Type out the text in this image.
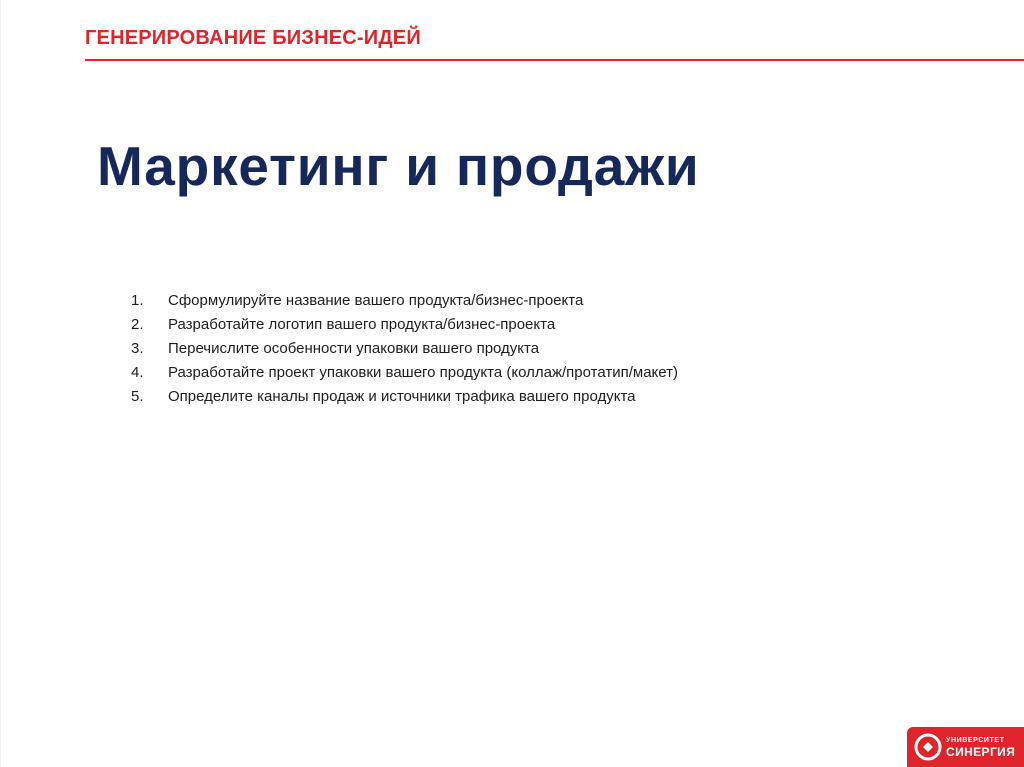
ГЕНЕРИРОВАНИЕ БИЗНЕС-ИДЕЙ
Маркетинг и продажи
1.	Сформулируйте название вашего продукта/бизнес-проекта
2.	Разработайте логотип вашего продукта/бизнес-проекта
3.	Перечислите особенности упаковки вашего продукта
4.	Разработайте проект упаковки вашего продукта (коллаж/протатип/макет)
5.	Определите каналы продаж и источники трафика вашего продукта
УНИВЕРСИТЕТ
СИНЕРГИЯ
